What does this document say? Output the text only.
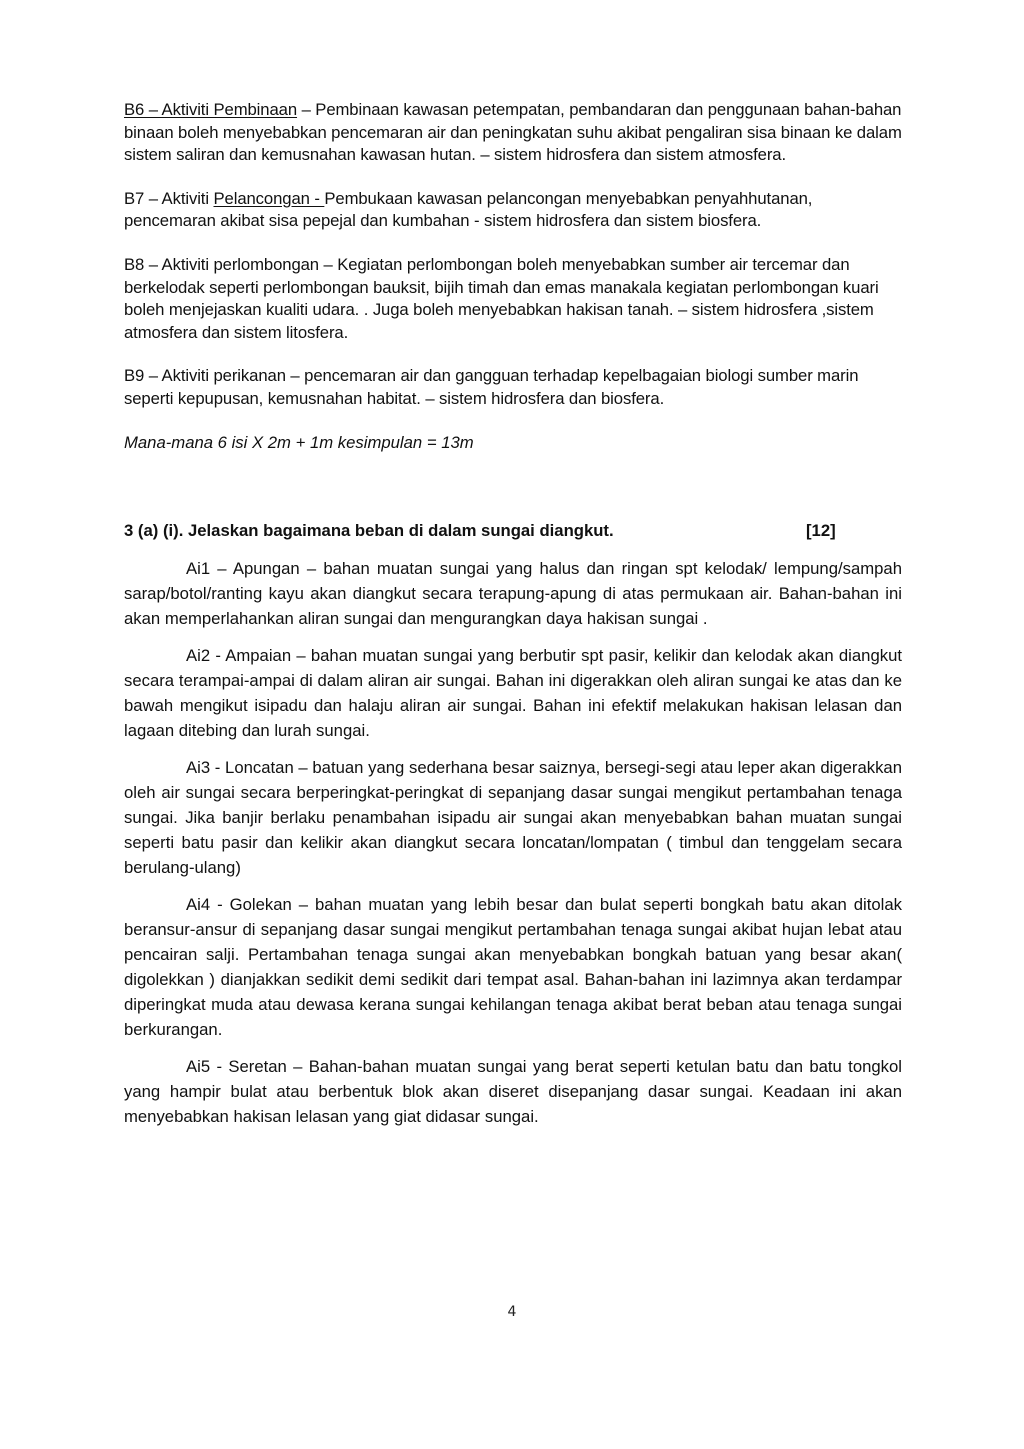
B6 – Aktiviti Pembinaan – Pembinaan kawasan petempatan, pembandaran dan penggunaan bahan-bahan binaan boleh menyebabkan pencemaran air dan peningkatan suhu akibat pengaliran sisa binaan ke dalam sistem saliran dan kemusnahan kawasan hutan. – sistem hidrosfera dan sistem atmosfera.

B7 – Aktiviti Pelancongan - Pembukaan kawasan pelancongan menyebabkan penyahhutanan, pencemaran akibat sisa pepejal dan kumbahan - sistem hidrosfera dan sistem biosfera.

B8 – Aktiviti perlombongan – Kegiatan perlombongan boleh menyebabkan sumber air tercemar dan berkelodak seperti perlombongan bauksit, bijih timah dan emas manakala kegiatan perlombongan kuari boleh menjejaskan kualiti udara. . Juga boleh menyebabkan hakisan tanah. – sistem hidrosfera ,sistem atmosfera dan sistem litosfera.

B9 – Aktiviti perikanan – pencemaran air dan gangguan terhadap kepelbagaian biologi sumber marin seperti kepupusan, kemusnahan habitat. – sistem hidrosfera dan biosfera.

Mana-mana 6 isi X 2m + 1m kesimpulan = 13m

3 (a) (i). Jelaskan bagaimana beban di dalam sungai diangkut.	[12]

Ai1 – Apungan – bahan muatan sungai yang halus dan ringan spt kelodak/ lempung/sampah sarap/botol/ranting kayu akan diangkut secara terapung-apung di atas permukaan air. Bahan-bahan ini akan memperlahankan aliran sungai dan mengurangkan daya hakisan sungai .

Ai2 - Ampaian – bahan muatan sungai yang berbutir spt pasir, kelikir dan kelodak akan diangkut secara terampai-ampai di dalam aliran air sungai. Bahan ini digerakkan oleh aliran sungai ke atas dan ke bawah mengikut isipadu dan halaju aliran air sungai. Bahan ini efektif melakukan hakisan lelasan dan lagaan ditebing dan lurah sungai.

Ai3 - Loncatan – batuan yang sederhana besar saiznya, bersegi-segi atau leper akan digerakkan oleh air sungai secara berperingkat-peringkat di sepanjang dasar sungai mengikut pertambahan tenaga sungai. Jika banjir berlaku penambahan isipadu air sungai akan menyebabkan bahan muatan sungai seperti batu pasir dan kelikir akan diangkut secara loncatan/lompatan ( timbul dan tenggelam secara berulang-ulang)

Ai4 - Golekan – bahan muatan yang lebih besar dan bulat seperti bongkah batu akan ditolak beransur-ansur di sepanjang dasar sungai mengikut pertambahan tenaga sungai akibat hujan lebat atau pencairan salji. Pertambahan tenaga sungai akan menyebabkan bongkah batuan yang besar akan( digolekkan ) dianjakkan sedikit demi sedikit dari tempat asal. Bahan-bahan ini lazimnya akan terdampar diperingkat muda atau dewasa kerana sungai kehilangan tenaga akibat berat beban atau tenaga sungai berkurangan.

Ai5 - Seretan – Bahan-bahan muatan sungai yang berat seperti ketulan batu dan batu tongkol yang hampir bulat atau berbentuk blok akan diseret disepanjang dasar sungai. Keadaan ini akan menyebabkan hakisan lelasan yang giat didasar sungai.

4
